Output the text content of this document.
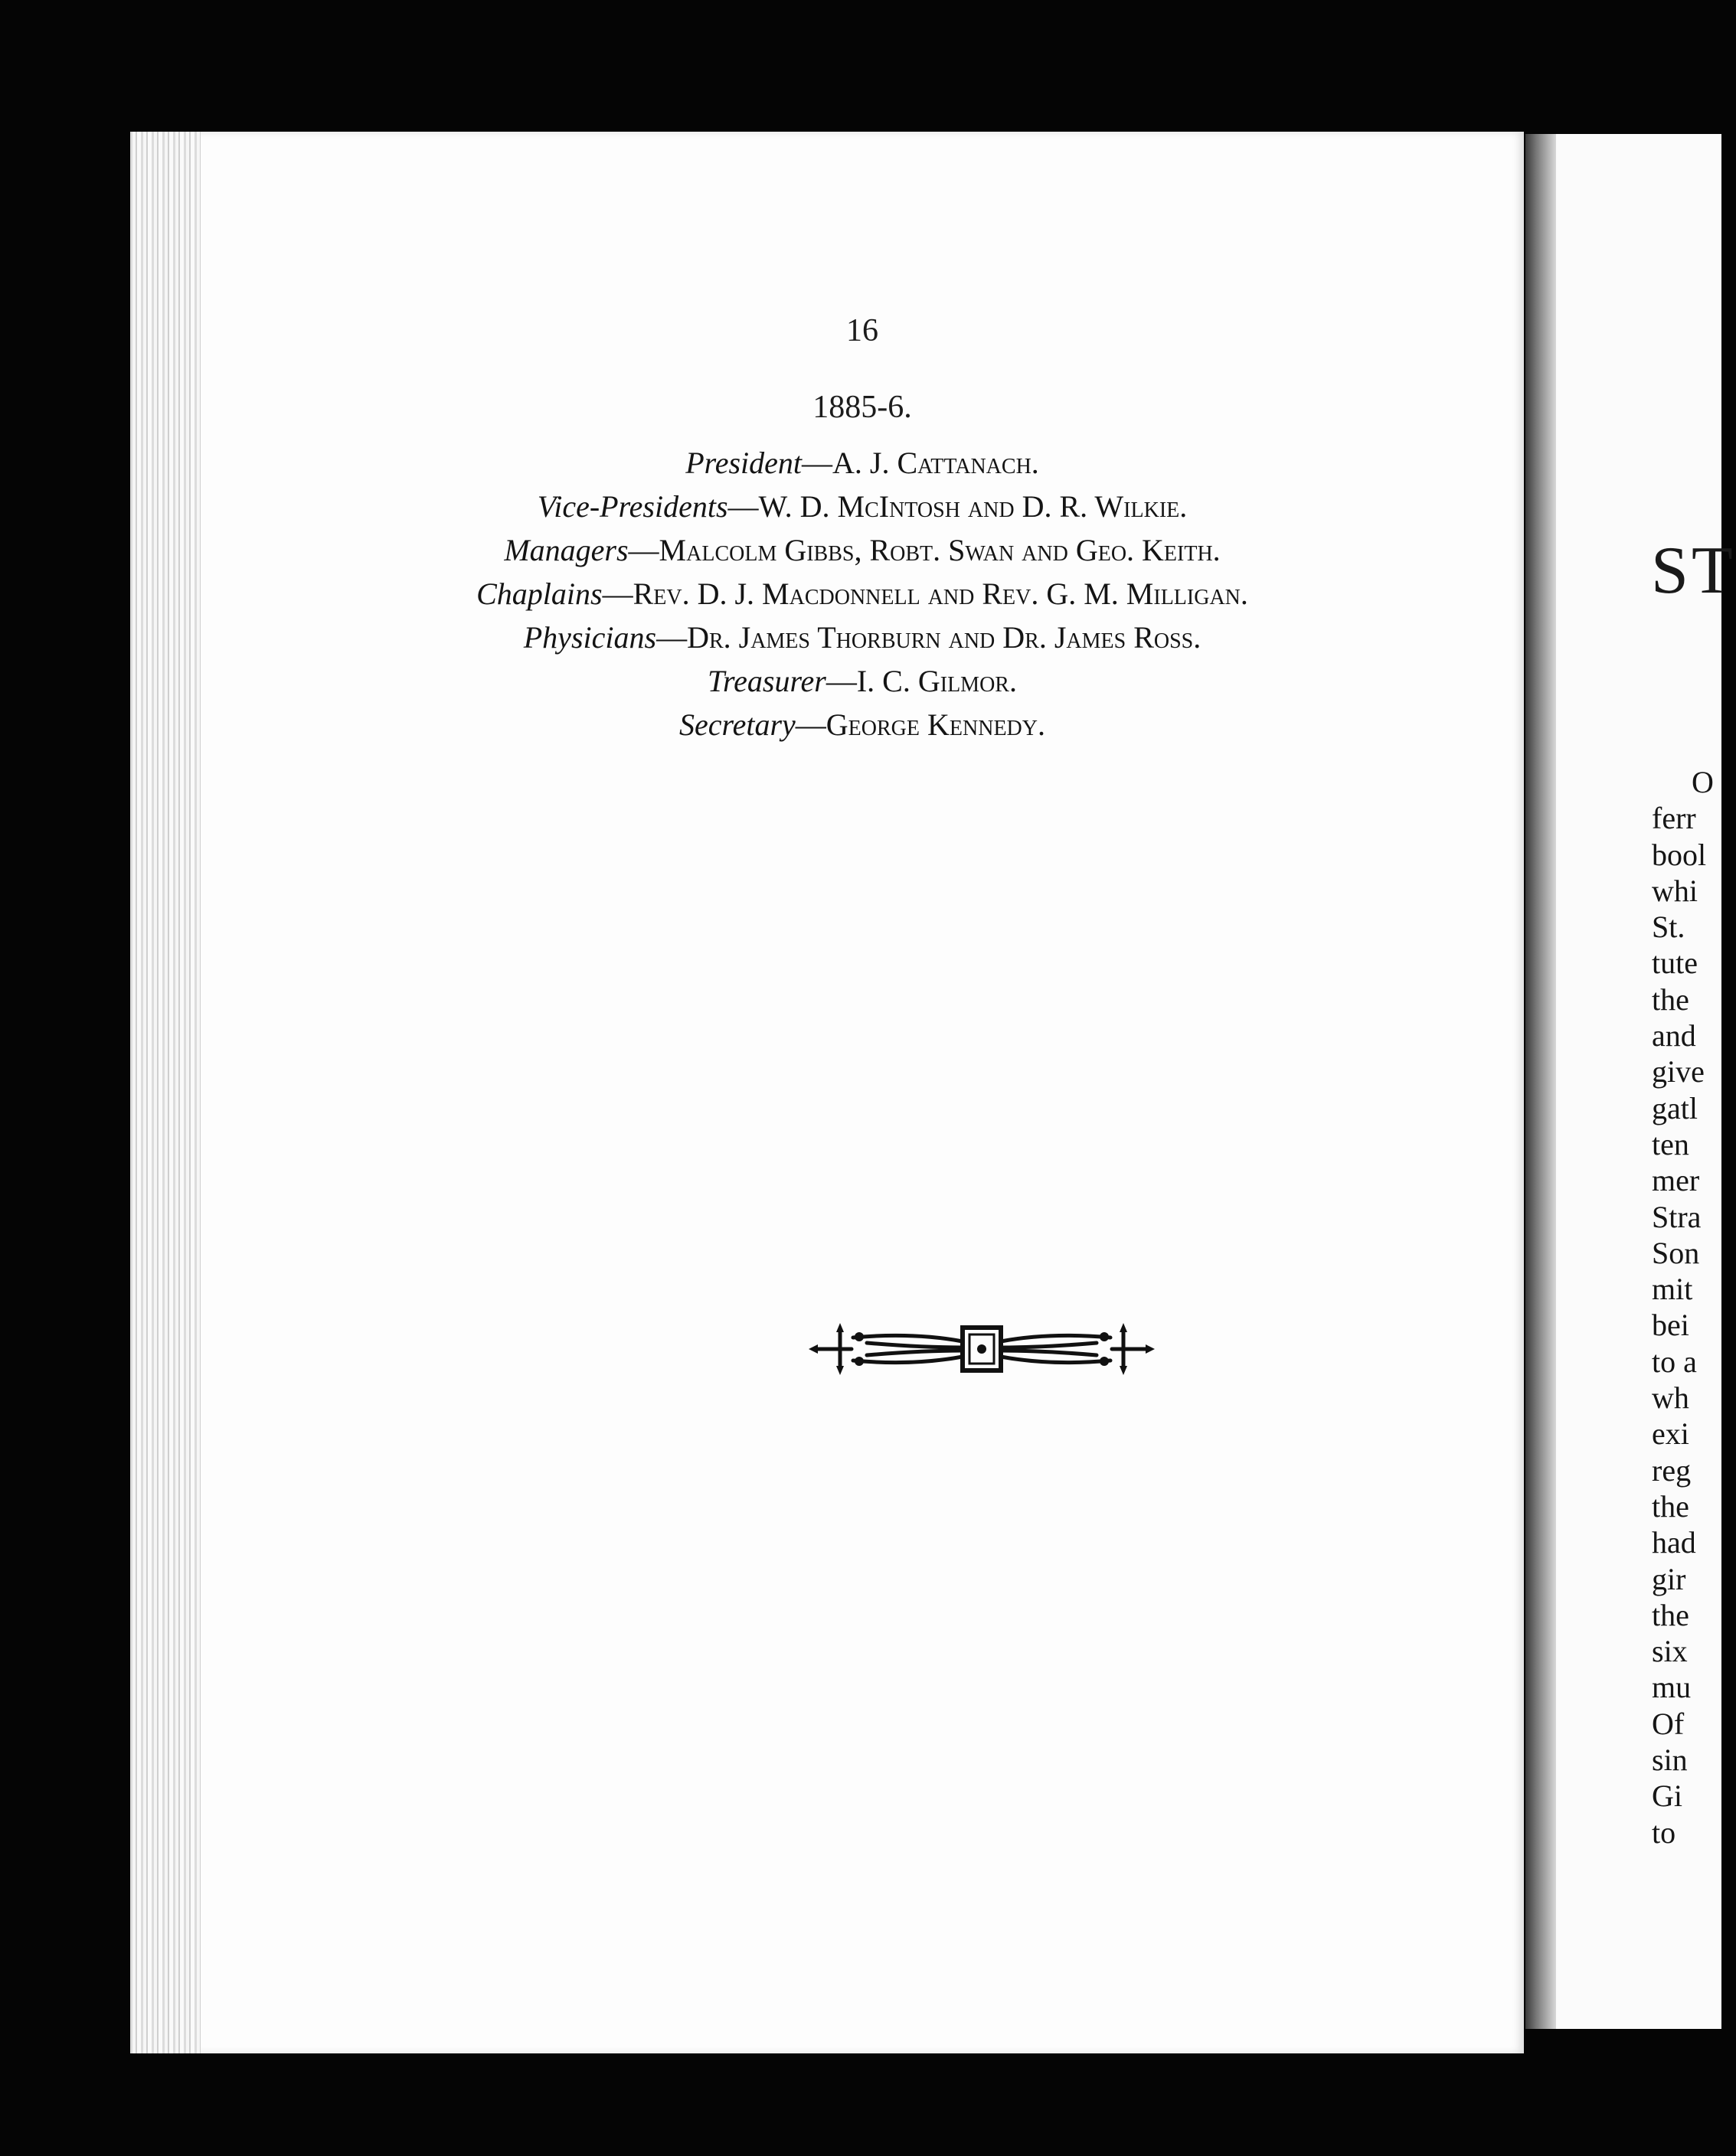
16
1885-6.
President—A. J. Cattanach.
Vice-Presidents—W. D. McIntosh and D. R. Wilkie.
Managers—Malcolm Gibbs, Robt. Swan and Geo. Keith.
Chaplains—Rev. D. J. Macdonnell and Rev. G. M. Milligan.
Physicians—Dr. James Thorburn and Dr. James Ross.
Treasurer—I. C. Gilmor.
Secretary—George Kennedy.
ST
O
ferr
bool
whi
St.
tute
the
and
give
gatl
ten
mer
Stra
Son
mit
bei
to a
wh
exi
reg
the
had
gir
the
six
mu
Of
sin
Gi
to
